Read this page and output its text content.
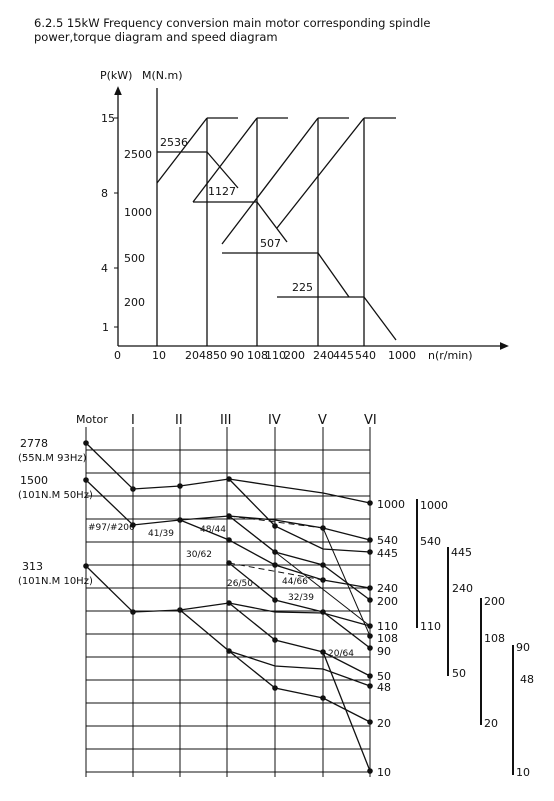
6.2.5 15kW Frequency conversion main motor corresponding spindle
power,torque diagram and speed diagram
P(kW) M(N.m)
n(r/min)
15
8
4
1
2500
1000
500
200
0	10 2048 50 90 108
110
200 240 445 540 1000
2536
1127
507
225
Motor I	II	III	IV	V	VI
2778
(55N.M 93Hz)
1500
(101N.M 50Hz)
313
(101N.M 10Hz)
#97/#206
41/39	48/44
30/62
26/50	44/66
32/39
20/64
1000
540
445
240
200
110
108
90
50
48
20
10
1000
110
540
50
445
240
20
200
108
90
10
48
